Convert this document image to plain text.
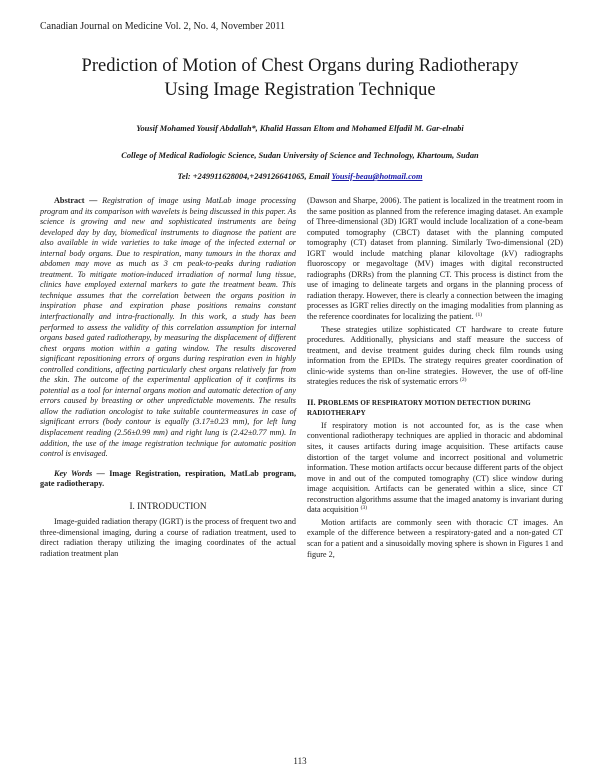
Canadian Journal on Medicine Vol. 2, No. 4, November 2011
Prediction of Motion of Chest Organs during Radiotherapy
Using Image Registration Technique
Yousif Mohamed Yousif Abdallah*, Khalid Hassan Eltom and Mohamed Elfadil M. Gar-elnabi
College of Medical Radiologic Science, Sudan University of Science and Technology, Khartoum, Sudan
Tel: +249911628004,+249126641065, Email Yousif-beau@hotmail.com

Abstract — Registration of image using MatLab image processing program and its comparison with wavelets is being discussed in this paper. As science is growing and new and sophisticated instruments are being developed day by day, biomedical instruments to diagnose the patient are also available in wide varieties to take image of the infected external or internal body organs. Due to respiration, many tumours in the thorax and abdomen may move as much as 3 cm peak-to-peaks during radiation treatment. To mitigate motion-induced irradiation of normal lung tissue, clinics have employed external markers to gate the treatment beam. This technique assumes that the correlation between the organs position in inspiration phase and expiration phase positions remains constant interfractionally and intra-fractionally. In this work, a study has been performed to assess the validity of this correlation assumption for internal organs based gated radiotherapy, by measuring the displacement of different chest organs motion within a gating window. The results discovered significant repositioning errors of organs during respiration even in highly controlled conditions, affecting particularly chest organs relatively far from the skin. The outcome of the experimental application of it confirms its potential as a tool for internal organs motion and automatic detection of any errors caused by breasting or other unpredictable movements. The results allow the radiation oncologist to take suitable countermeasures in case of significant errors (body contour is equally (3.17±0.23 mm), for left lung displacement reading (2.56±0.99 mm) and right lung is (2.42±0.77 mm). In addition, the use of the image registration technique for automatic position control is envisaged.

Key Words — Image Registration, respiration, MatLab program, gate radiotherapy.

I. INTRODUCTION

Image-guided radiation therapy (IGRT) is the process of frequent two and three-dimensional imaging, during a course of radiation treatment, used to direct radiation therapy utilizing the imaging coordinates of the actual radiation treatment plan

(Dawson and Sharpe, 2006). The patient is localized in the treatment room in the same position as planned from the reference imaging dataset. An example of Three-dimensional (3D) IGRT would include localization of a cone-beam computed tomography (CBCT) dataset with the planning computed tomography (CT) dataset from planning. Similarly Two-dimensional (2D) IGRT would include matching planar kilovoltage (kV) radiographs fluoroscopy or megavoltage (MV) images with digital reconstructed radiographs (DRRs) from the planning CT. This process is distinct from the use of imaging to delineate targets and organs in the planning process of radiation therapy. However, there is clearly a connection between the imaging processes as IGRT relies directly on the imaging modalities from planning as the reference coordinates for localizing the patient. $^{(1)}$

These strategies utilize sophisticated CT hardware to create future procedures. Additionally, physicians and staff measure the success of treatment, and devise treatment guides during check film rounds using information from the EPIDs. The strategy requires greater coordination of clinic-wide systems than on-line strategies. However, the use of off-line strategies reduces the risk of systematic errors $^{(2)}$

II. PROBLEMS OF RESPIRATORY MOTION DETECTION DURING RADIOTHERAPY

If respiratory motion is not accounted for, as is the case when conventional radiotherapy techniques are applied in thoracic and abdominal sites, it causes artifacts during image acquisition. These artifacts cause distortion of the target volume and incorrect positional and volumetric information. These motion artifacts occur because different parts of the object move in and out of the computed tomography (CT) slice window during image acquisition. Artifacts can be generated within a slice, since CT reconstruction algorithms assume that the imaged anatomy is invariant during data acquisition $^{(3)}$

Motion artifacts are commonly seen with thoracic CT images. An example of the difference between a respiratory-gated and a non-gated CT scan for a patient and a sinusoidally moving sphere is shown in Figures 1 and figure 2,

113
